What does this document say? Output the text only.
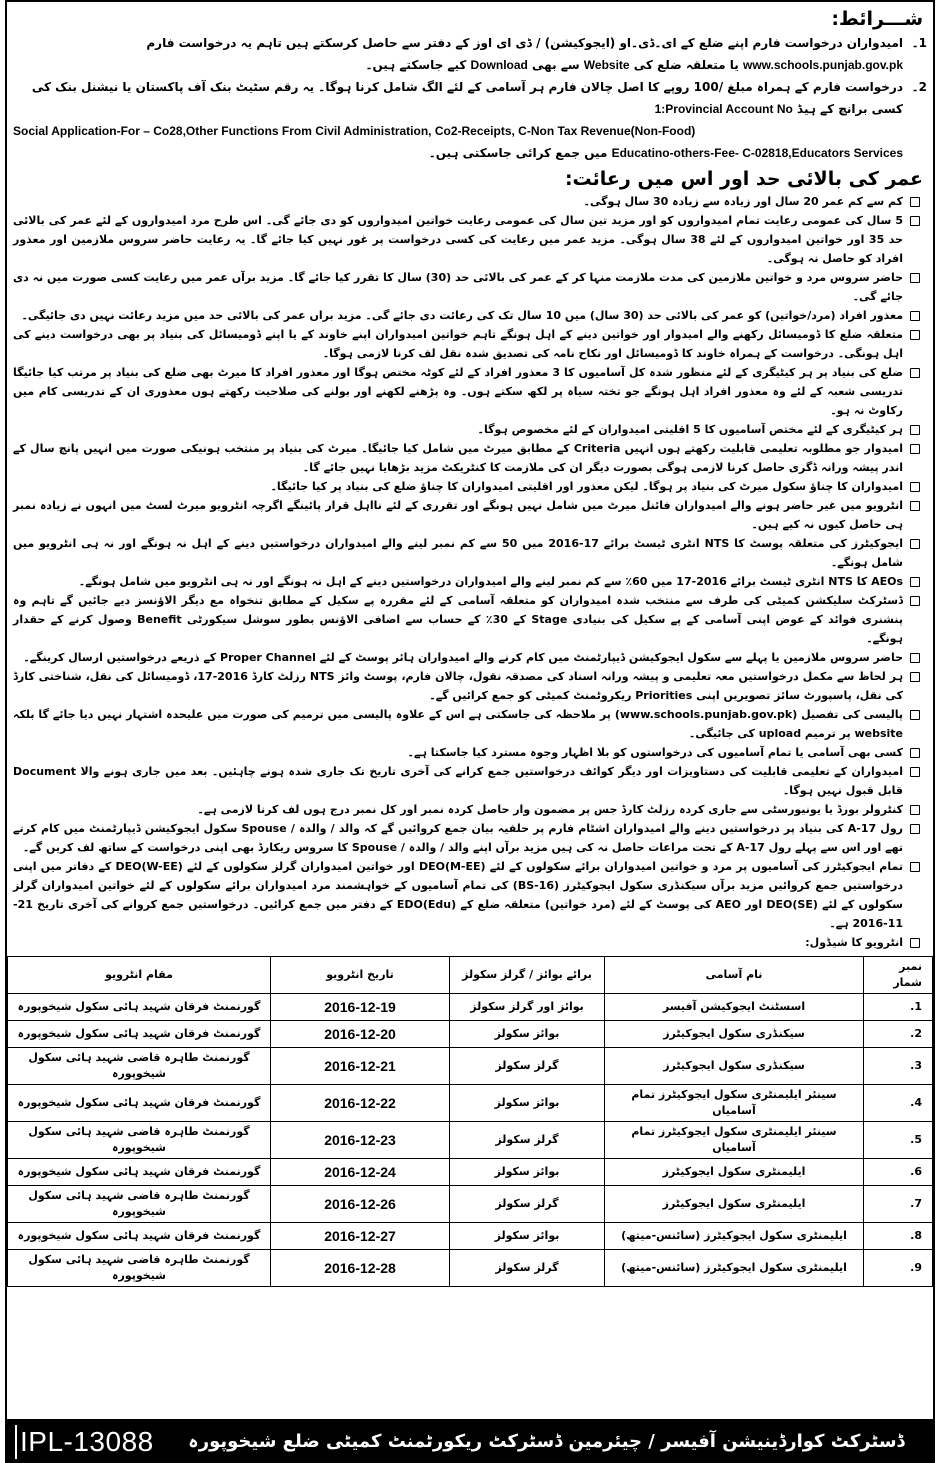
شـــرائط:
1۔
امیدواران درخواست فارم اپنے ضلع کے ای۔ڈی۔او (ایجوکیشن) / ڈی ای اوز کے دفتر سے حاصل کرسکتے ہیں تاہم یہ درخواست فارم www.schools.punjab.gov.pk یا متعلقہ ضلع کی Website سے بھی Download کیے جاسکتے ہیں۔
2۔
درخواست فارم کے ہمراہ مبلغ /100 روپے کا اصل چالان فارم ہر آسامی کے لئے الگ شامل کرنا ہوگا۔ یہ رقم سٹیٹ بنک آف پاکستان یا نیشنل بنک کی کسی برانچ کے ہیڈ 1:Provincial Account No
Social Application-For – Co28,Other Functions From Civil Administration, Co2-Receipts, C-Non Tax Revenue(Non-Food)
Educatino-others-Fee- C-02818,Educators Services میں جمع کرائی جاسکتی ہیں۔
عمر کی بالائی حد اور اس میں رعائت:
کم سے کم عمر 20 سال اور زیادہ سے زیادہ 30 سال ہوگی۔
5 سال کی عمومی رعایت تمام امیدواروں کو اور مزید تین سال کی عمومی رعایت خواتین امیدواروں کو دی جائے گی۔ اس طرح مرد امیدواروں کے لئے عمر کی بالائی حد 35 اور خواتین امیدواروں کے لئے 38 سال ہوگی۔ مزید عمر میں رعایت کی کسی درخواست پر غور نہیں کیا جائے گا۔ یہ رعایت حاضر سروس ملازمین اور معذور افراد کو حاصل نہ ہوگی۔
حاضر سروس مرد و خواتین ملازمین کی مدت ملازمت منہا کر کے عمر کی بالائی حد (30) سال کا تقرر کیا جائے گا۔ مزید برآں عمر میں رعایت کسی صورت میں نہ دی جائے گی۔
معذور افراد (مرد/خواتین) کو عمر کی بالائی حد (30 سال) میں 10 سال تک کی رعائت دی جائے گی۔ مزید براں عمر کی بالائی حد میں مزید رعائت نہیں دی جائیگی۔
متعلقہ ضلع کا ڈومیسائل رکھنے والے امیدوار اور خواتین دینے کے اہل ہونگے تاہم خواتین امیدواران اپنے خاوند کے یا اپنے ڈومیسائل کی بنیاد پر بھی درخواست دینے کی اہل ہونگی۔ درخواست کے ہمراہ خاوند کا ڈومیسائل اور نکاح نامہ کی تصدیق شدہ نقل لف کرنا لازمی ہوگا۔
ضلع کی بنیاد پر ہر کیٹیگری کے لئے منظور شدہ کل آسامیوں کا 3 معذور افراد کے لئے کوٹہ مختص ہوگا اور معذور افراد کا میرٹ بھی ضلع کی بنیاد پر مرتب کیا جائیگا تدریسی شعبہ کے لئے وہ معذور افراد اہل ہونگے جو تختہ سیاہ پر لکھ سکتے ہوں۔ وہ پڑھنے لکھنے اور بولنے کی صلاحیت رکھتے ہوں معذوری ان کے تدریسی کام میں رکاوٹ نہ ہو۔
ہر کیٹیگری کے لئے مختص آسامیوں کا 5 اقلیتی امیدواران کے لئے مخصوص ہوگا۔
امیدوار جو مطلوبہ تعلیمی قابلیت رکھتے ہوں انہیں Criteria کے مطابق میرٹ میں شامل کیا جائیگا۔ میرٹ کی بنیاد پر منتخب ہونیکی صورت میں انہیں پانچ سال کے اندر پیشہ ورانہ ڈگری حاصل کرنا لازمی ہوگی بصورت دیگر ان کی ملازمت کا کنٹریکٹ مزید بڑھایا نہیں جائے گا۔
امیدواران کا چناؤ سکول میرٹ کی بنیاد پر ہوگا۔ لیکن معذور اور اقلیتی امیدواران کا چناؤ ضلع کی بنیاد پر کیا جائیگا۔
انٹرویو میں غیر حاضر ہونے والے امیدواران فائنل میرٹ میں شامل نہیں ہونگے اور تقرری کے لئے نااہل قرار پائینگے اگرچہ انٹرویو میرٹ لسٹ میں انہوں نے زیادہ نمبر ہی حاصل کیوں نہ کیے ہیں۔
ایجوکیٹرز کی متعلقہ پوسٹ کا NTS انٹری ٹیسٹ برائے 17-2016 میں 50 سے کم نمبر لینے والے امیدواران درخواستیں دینے کے اہل نہ ہونگے اور نہ ہی انٹرویو میں شامل ہونگے۔
AEOs کا NTS انٹری ٹیسٹ برائے 2016-17 میں 60٪ سے کم نمبر لینے والے امیدواران درخواستیں دینے کے اہل نہ ہونگے اور نہ ہی انٹرویو میں شامل ہونگے۔
ڈسٹرکٹ سلیکشن کمیٹی کی طرف سے منتخب شدہ امیدواران کو متعلقہ آسامی کے لئے مقررہ پے سکیل کے مطابق تنخواہ مع دیگر الاؤنسز دیے جائیں گے تاہم وہ پنشنری فوائد کے عوض اپنی آسامی کے پے سکیل کی بنیادی Stage کے 30٪ کے حساب سے اضافی الاؤنس بطور سوشل سیکورٹی Benefit وصول کرنے کے حقدار ہونگے۔
حاضر سروس ملازمین یا پہلے سے سکول ایجوکیشن ڈیپارٹمنٹ میں کام کرنے والے امیدواران ہائر پوسٹ کے لئے Proper Channel کے ذریعے درخواستیں ارسال کرینگے۔
ہر لحاظ سے مکمل درخواستیں معہ تعلیمی و پیشہ ورانہ اسناد کی مصدقہ نقول، چالان فارم، پوسٹ وائز NTS رزلٹ کارڈ 2016-17، ڈومیسائل کی نقل، شناختی کارڈ کی نقل، پاسپورٹ سائز تصویریں اپنی Priorities ریکروٹمنٹ کمیٹی کو جمع کرائیں گے۔
پالیسی کی تفصیل (www.schools.punjab.gov.pk) پر ملاحظہ کی جاسکتی ہے اس کے علاوہ پالیسی میں ترمیم کی صورت میں علیحدہ اشتہار نہیں دیا جائے گا بلکہ website پر ترمیم upload کی جائیگی۔
کسی بھی آسامی یا تمام آسامیوں کی درخواستوں کو بلا اظہار وجوہ مسترد کیا جاسکتا ہے۔
امیدواران کے تعلیمی قابلیت کی دستاویزات اور دیگر کوائف درخواستیں جمع کرانے کی آخری تاریخ تک جاری شدہ ہونے چاہئیں۔ بعد میں جاری ہونے والا Document قابل قبول نہیں ہوگا۔
کنٹرولر بورڈ یا یونیورسٹی سے جاری کردہ رزلٹ کارڈ جس پر مضمون وار حاصل کردہ نمبر اور کل نمبر درج ہوں لف کرنا لازمی ہے۔
رول A-17 کی بنیاد پر درخواستیں دینے والے امیدواران اشٹام فارم پر حلفیہ بیان جمع کروائیں گے کہ والد / والدہ / Spouse سکول ایجوکیشن ڈیپارٹمنٹ میں کام کرتے تھے اور اس سے پہلے رول A-17 کے تحت مراعات حاصل نہ کی ہیں مزید برآں اپنے والد / والدہ / Spouse کا سروس ریکارڈ بھی اپنی درخواست کے ساتھ لف کریں گے۔
تمام ایجوکیٹرز کی آسامیوں پر مرد و خواتین امیدواران برائے سکولوں کے لئے DEO(M-EE) اور خواتین امیدواران گرلز سکولوں کے لئے DEO(W-EE) کے دفاتر میں اپنی درخواستیں جمع کروائیں مزید برآں سیکنڈری سکول ایجوکیٹرز (BS-16) کی تمام آسامیوں کے خواہشمند مرد امیدواران برائے سکولوں کے لئے خواتین امیدواران گرلز سکولوں کے لئے DEO(SE) اور AEO کی پوسٹ کے لئے (مرد خواتین) متعلقہ ضلع کے EDO(Edu) کے دفتر میں جمع کرائیں۔ درخواستیں جمع کروانے کی آخری تاریخ 21-11-2016 ہے۔
انٹرویو کا شیڈول:
نمبر شمار	نام آسامی	برائے بوائز / گرلز سکولز	تاریخ انٹرویو	مقام انٹرویو
1.	اسسٹنٹ ایجوکیشن آفیسر	بوائز اور گرلز سکولز	2016-12-19	گورنمنٹ فرقان شہید ہائی سکول شیخوپورہ
2.	سیکنڈری سکول ایجوکیٹرز	بوائز سکولز	2016-12-20	گورنمنٹ فرقان شہید ہائی سکول شیخوپورہ
3.	سیکنڈری سکول ایجوکیٹرز	گرلز سکولز	2016-12-21	گورنمنٹ طاہرہ قاضی شہید ہائی سکول شیخوپورہ
4.	سینئر ایلیمنٹری سکول ایجوکیٹرز تمام آسامیاں	بوائز سکولز	2016-12-22	گورنمنٹ فرقان شہید ہائی سکول شیخوپورہ
5.	سینئر ایلیمنٹری سکول ایجوکیٹرز تمام آسامیاں	گرلز سکولز	2016-12-23	گورنمنٹ طاہرہ قاضی شہید ہائی سکول شیخوپورہ
6.	ایلیمنٹری سکول ایجوکیٹرز	بوائز سکولز	2016-12-24	گورنمنٹ فرقان شہید ہائی سکول شیخوپورہ
7.	ایلیمنٹری سکول ایجوکیٹرز	گرلز سکولز	2016-12-26	گورنمنٹ طاہرہ قاضی شہید ہائی سکول شیخوپورہ
8.	ایلیمنٹری سکول ایجوکیٹرز (سائنس-میتھ)	بوائز سکولز	2016-12-27	گورنمنٹ فرقان شہید ہائی سکول شیخوپورہ
9.	ایلیمنٹری سکول ایجوکیٹرز (سائنس-میتھ)	گرلز سکولز	2016-12-28	گورنمنٹ طاہرہ قاضی شہید ہائی سکول شیخوپورہ
IPL-13088	ڈسٹرکٹ کوارڈینیشن آفیسر / چیئرمین ڈسٹرکٹ ریکورٹمنٹ کمیٹی ضلع شیخوپورہ
